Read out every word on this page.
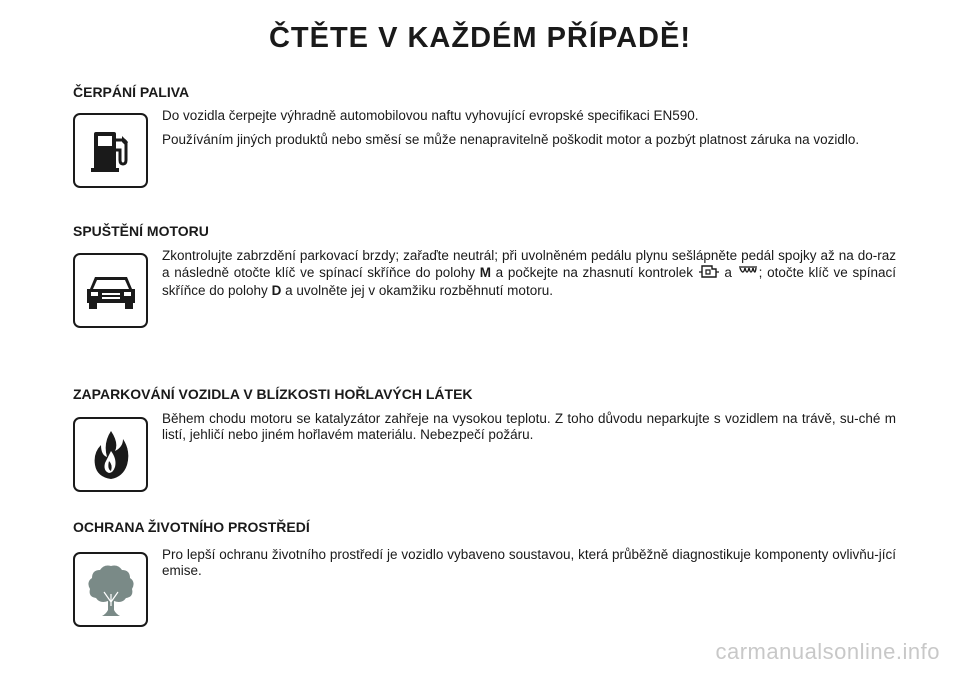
ČTĚTE V KAŽDÉM PŘÍPADĚ!
ČERPÁNÍ PALIVA

Do vozidla čerpejte výhradně automobilovou naftu vyhovující evropské specifikaci EN590.

Používáním jiných produktů nebo směsí se může nenapravitelně poškodit motor a pozbýt platnost záruka na vozidlo.

SPUŠTĚNÍ MOTORU

Zkontrolujte zabrzdění parkovací brzdy; zařaďte neutrál; při uvolněném pedálu plynu sešlápněte pedál spojky až na do-raz a následně otočte klíč ve spínací skříňce do polohy M a počkejte na zhasnutí kontrolek  a ; otočte klíč ve spínací skříňce do polohy D a uvolněte jej v okamžiku rozběhnutí motoru.

ZAPARKOVÁNÍ VOZIDLA V BLÍZKOSTI HOŘLAVÝCH LÁTEK

Během chodu motoru se katalyzátor zahřeje na vysokou teplotu. Z toho důvodu neparkujte s vozidlem na trávě, su-ché m listí, jehličí nebo jiném hořlavém materiálu. Nebezpečí požáru.

OCHRANA ŽIVOTNÍHO PROSTŘEDÍ

Pro lepší ochranu životního prostředí je vozidlo vybaveno soustavou, která průběžně diagnostikuje komponenty ovlivňu-jící emise.

carmanualsonline.info
